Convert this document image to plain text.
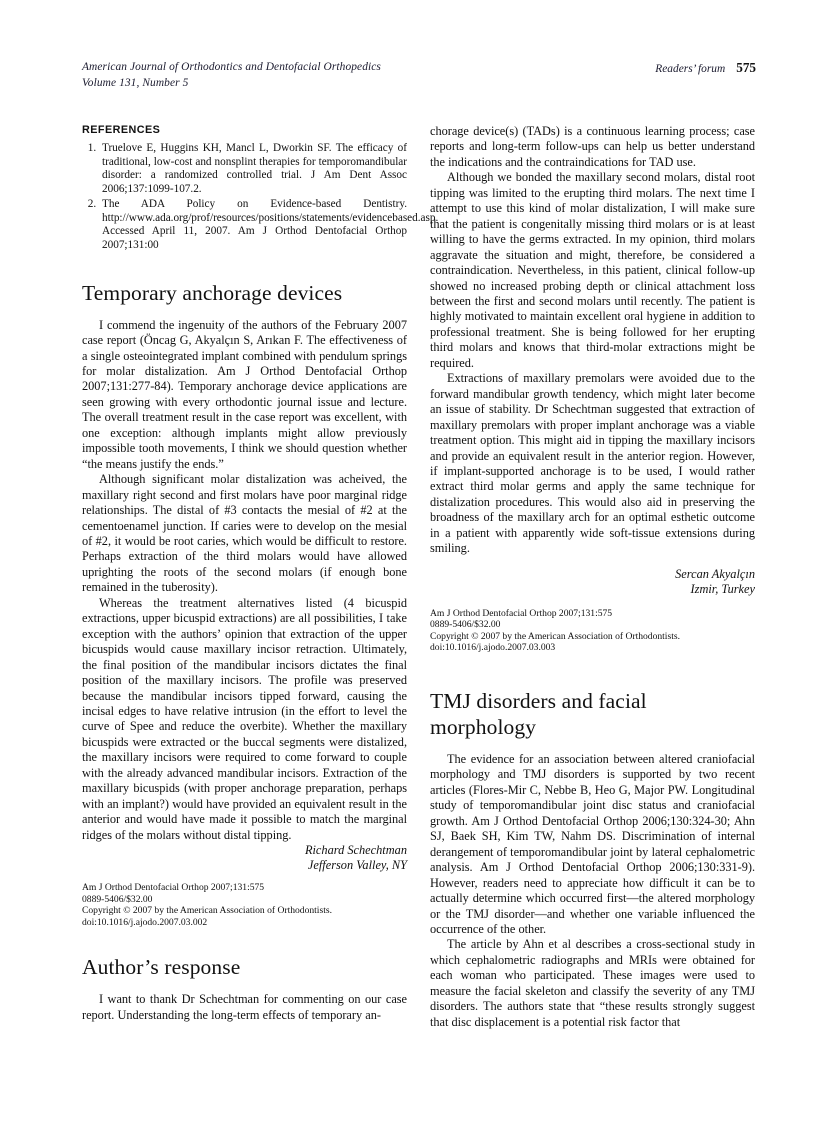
American Journal of Orthodontics and Dentofacial Orthopedics
Volume 131, Number 5
Readers’ forum 575
REFERENCES
1. Truelove E, Huggins KH, Mancl L, Dworkin SF. The efficacy of traditional, low-cost and nonsplint therapies for temporomandibular disorder: a randomized controlled trial. J Am Dent Assoc 2006;137:1099-107.2.
2. The ADA Policy on Evidence-based Dentistry. http://www.ada.org/prof/resources/positions/statements/evidencebased.asp. Accessed April 11, 2007. Am J Orthod Dentofacial Orthop 2007;131:00
Temporary anchorage devices

I commend the ingenuity of the authors of the February 2007 case report (Öncag G, Akyalçın S, Arıkan F. The effectiveness of a single osteointegrated implant combined with pendulum springs for molar distalization. Am J Orthod Dentofacial Orthop 2007;131:277-84). Temporary anchorage device applications are seen growing with every orthodontic journal issue and lecture. The overall treatment result in the case report was excellent, with one exception: although implants might allow previously impossible tooth movements, I think we should question whether “the means justify the ends.”

Although significant molar distalization was acheived, the maxillary right second and first molars have poor marginal ridge relationships. The distal of #3 contacts the mesial of #2 at the cementoenamel junction. If caries were to develop on the mesial of #2, it would be root caries, which would be difficult to restore. Perhaps extraction of the third molars would have allowed uprighting the roots of the second molars (if enough bone remained in the tuberosity).

Whereas the treatment alternatives listed (4 bicuspid extractions, upper bicuspid extractions) are all possibilities, I take exception with the authors’ opinion that extraction of the upper bicuspids would cause maxillary incisor retraction. Ultimately, the final position of the mandibular incisors dictates the final position of the maxillary incisors. The profile was preserved because the mandibular incisors tipped forward, causing the incisal edges to have relative intrusion (in the effort to level the curve of Spee and reduce the overbite). Whether the maxillary bicuspids were extracted or the buccal segments were distalized, the maxillary incisors were required to come forward to couple with the already advanced mandibular incisors. Extraction of the maxillary bicuspids (with proper anchorage preparation, perhaps with an implant?) would have provided an equivalent result in the anterior and would have made it possible to match the marginal ridges of the molars without distal tipping.

Richard Schechtman

Jefferson Valley, NY

Am J Orthod Dentofacial Orthop 2007;131:575

0889-5406/$32.00

Copyright © 2007 by the American Association of Orthodontists.

doi:10.1016/j.ajodo.2007.03.002

Author’s response

I want to thank Dr Schechtman for commenting on our case report. Understanding the long-term effects of temporary an-

chorage device(s) (TADs) is a continuous learning process; case reports and long-term follow-ups can help us better understand the indications and the contraindications for TAD use.

Although we bonded the maxillary second molars, distal root tipping was limited to the erupting third molars. The next time I attempt to use this kind of molar distalization, I will make sure that the patient is congenitally missing third molars or is at least willing to have the germs extracted. In my opinion, third molars aggravate the situation and might, therefore, be considered a contraindication. Nevertheless, in this patient, clinical follow-up showed no increased probing depth or clinical attachment loss between the first and second molars until recently. The patient is highly motivated to maintain excellent oral hygiene in addition to professional treatment. She is being followed for her erupting third molars and knows that third-molar extractions might be required.

Extractions of maxillary premolars were avoided due to the forward mandibular growth tendency, which might later become an issue of stability. Dr Schechtman suggested that extraction of maxillary premolars with proper implant anchorage was a viable treatment option. This might aid in tipping the maxillary incisors and provide an equivalent result in the anterior region. However, if implant-supported anchorage is to be used, I would rather extract third molar germs and apply the same technique for distalization procedures. This would also aid in preserving the broadness of the maxillary arch for an optimal esthetic outcome in a patient with apparently wide soft-tissue extensions during smiling.

Sercan Akyalçın

Izmir, Turkey

Am J Orthod Dentofacial Orthop 2007;131:575

0889-5406/$32.00

Copyright © 2007 by the American Association of Orthodontists.

doi:10.1016/j.ajodo.2007.03.003

TMJ disorders and facial morphology

The evidence for an association between altered craniofacial morphology and TMJ disorders is supported by two recent articles (Flores-Mir C, Nebbe B, Heo G, Major PW. Longitudinal study of temporomandibular joint disc status and craniofacial growth. Am J Orthod Dentofacial Orthop 2006;130:324-30; Ahn SJ, Baek SH, Kim TW, Nahm DS. Discrimination of internal derangement of temporomandibular joint by lateral cephalometric analysis. Am J Orthod Dentofacial Orthop 2006;130:331-9). However, readers need to appreciate how difficult it can be to actually determine which occurred first—the altered morphology or the TMJ disorder—and whether one variable influenced the occurrence of the other.

The article by Ahn et al describes a cross-sectional study in which cephalometric radiographs and MRIs were obtained for each woman who participated. These images were used to measure the facial skeleton and classify the severity of any TMJ disorders. The authors state that “these results strongly suggest that disc displacement is a potential risk factor that
